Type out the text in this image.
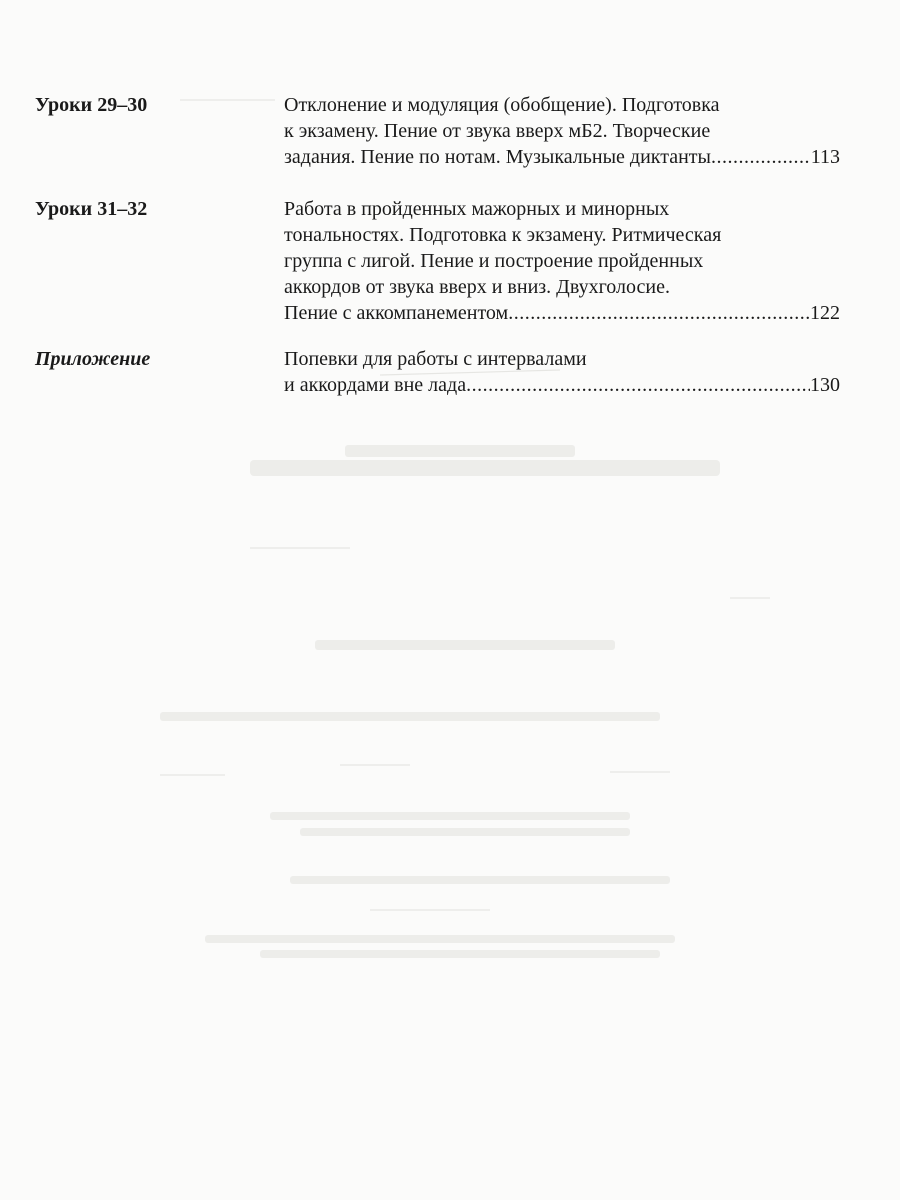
Уроки 29–30	Отклонение и модуляция (обобщение). Подготовка
к экзамену. Пение от звука вверх мБ2. Творческие
задания. Пение по нотам. Музыкальные диктанты .....	113
Уроки 31–32	Работа в пройденных мажорных и минорных
тональностях. Подготовка к экзамену. Ритмическая
группа с лигой. Пение и построение пройденных
аккордов от звука вверх и вниз. Двухголосие.
Пение с аккомпанементом .....	122
Приложение	Попевки для работы с интервалами
и аккордами вне лада .....	130
